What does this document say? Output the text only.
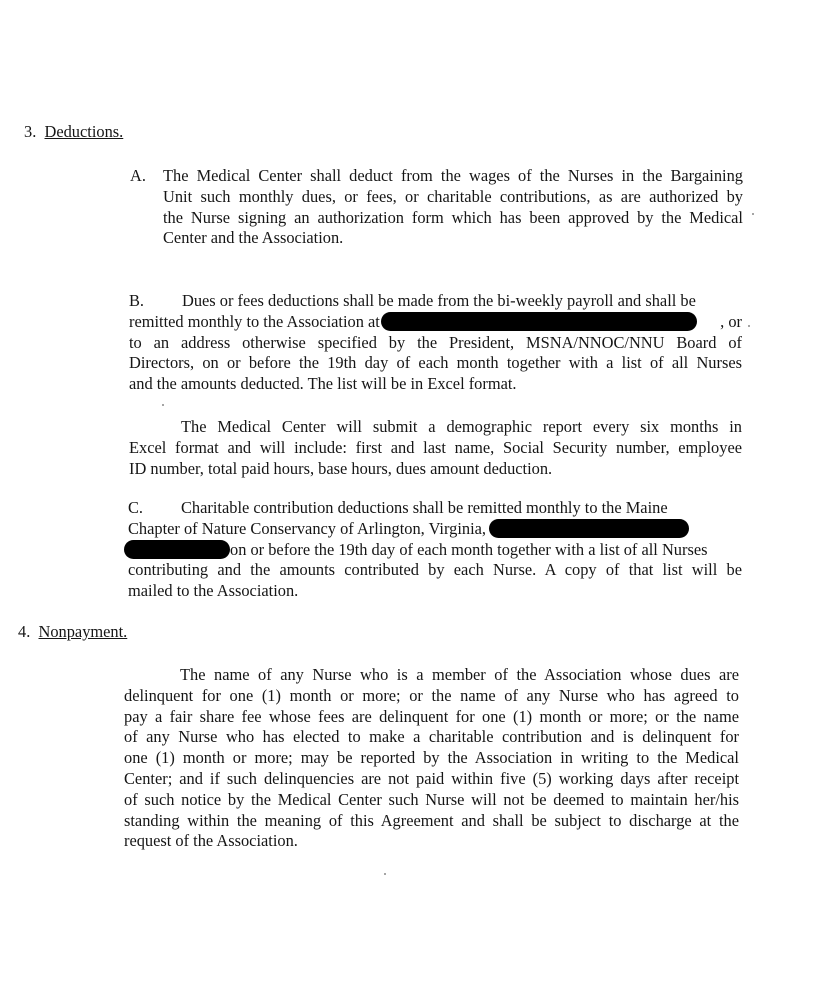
3. Deductions.
A. The Medical Center shall deduct from the wages of the Nurses in the Bargaining
Unit such monthly dues, or fees, or charitable contributions, as are authorized by
the Nurse signing an authorization form which has been approved by the Medical
Center and the Association.
B. Dues or fees deductions shall be made from the bi-weekly payroll and shall be
remitted monthly to the Association at	, or
to an address otherwise specified by the President, MSNA/NNOC/NNU Board of
Directors, on or before the 19th day of each month together with a list of all Nurses
and the amounts deducted. The list will be in Excel format.
The Medical Center will submit a demographic report every six months in
Excel format and will include: first and last name, Social Security number, employee
ID number, total paid hours, base hours, dues amount deduction.
C. Charitable contribution deductions shall be remitted monthly to the Maine
Chapter of Nature Conservancy of Arlington, Virginia,
on or before the 19th day of each month together with a list of all Nurses
contributing and the amounts contributed by each Nurse. A copy of that list will be
mailed to the Association.
4. Nonpayment.
The name of any Nurse who is a member of the Association whose dues are
delinquent for one (1) month or more; or the name of any Nurse who has agreed to
pay a fair share fee whose fees are delinquent for one (1) month or more; or the name
of any Nurse who has elected to make a charitable contribution and is delinquent for
one (1) month or more; may be reported by the Association in writing to the Medical
Center; and if such delinquencies are not paid within five (5) working days after receipt
of such notice by the Medical Center such Nurse will not be deemed to maintain her/his
standing within the meaning of this Agreement and shall be subject to discharge at the
request of the Association.
